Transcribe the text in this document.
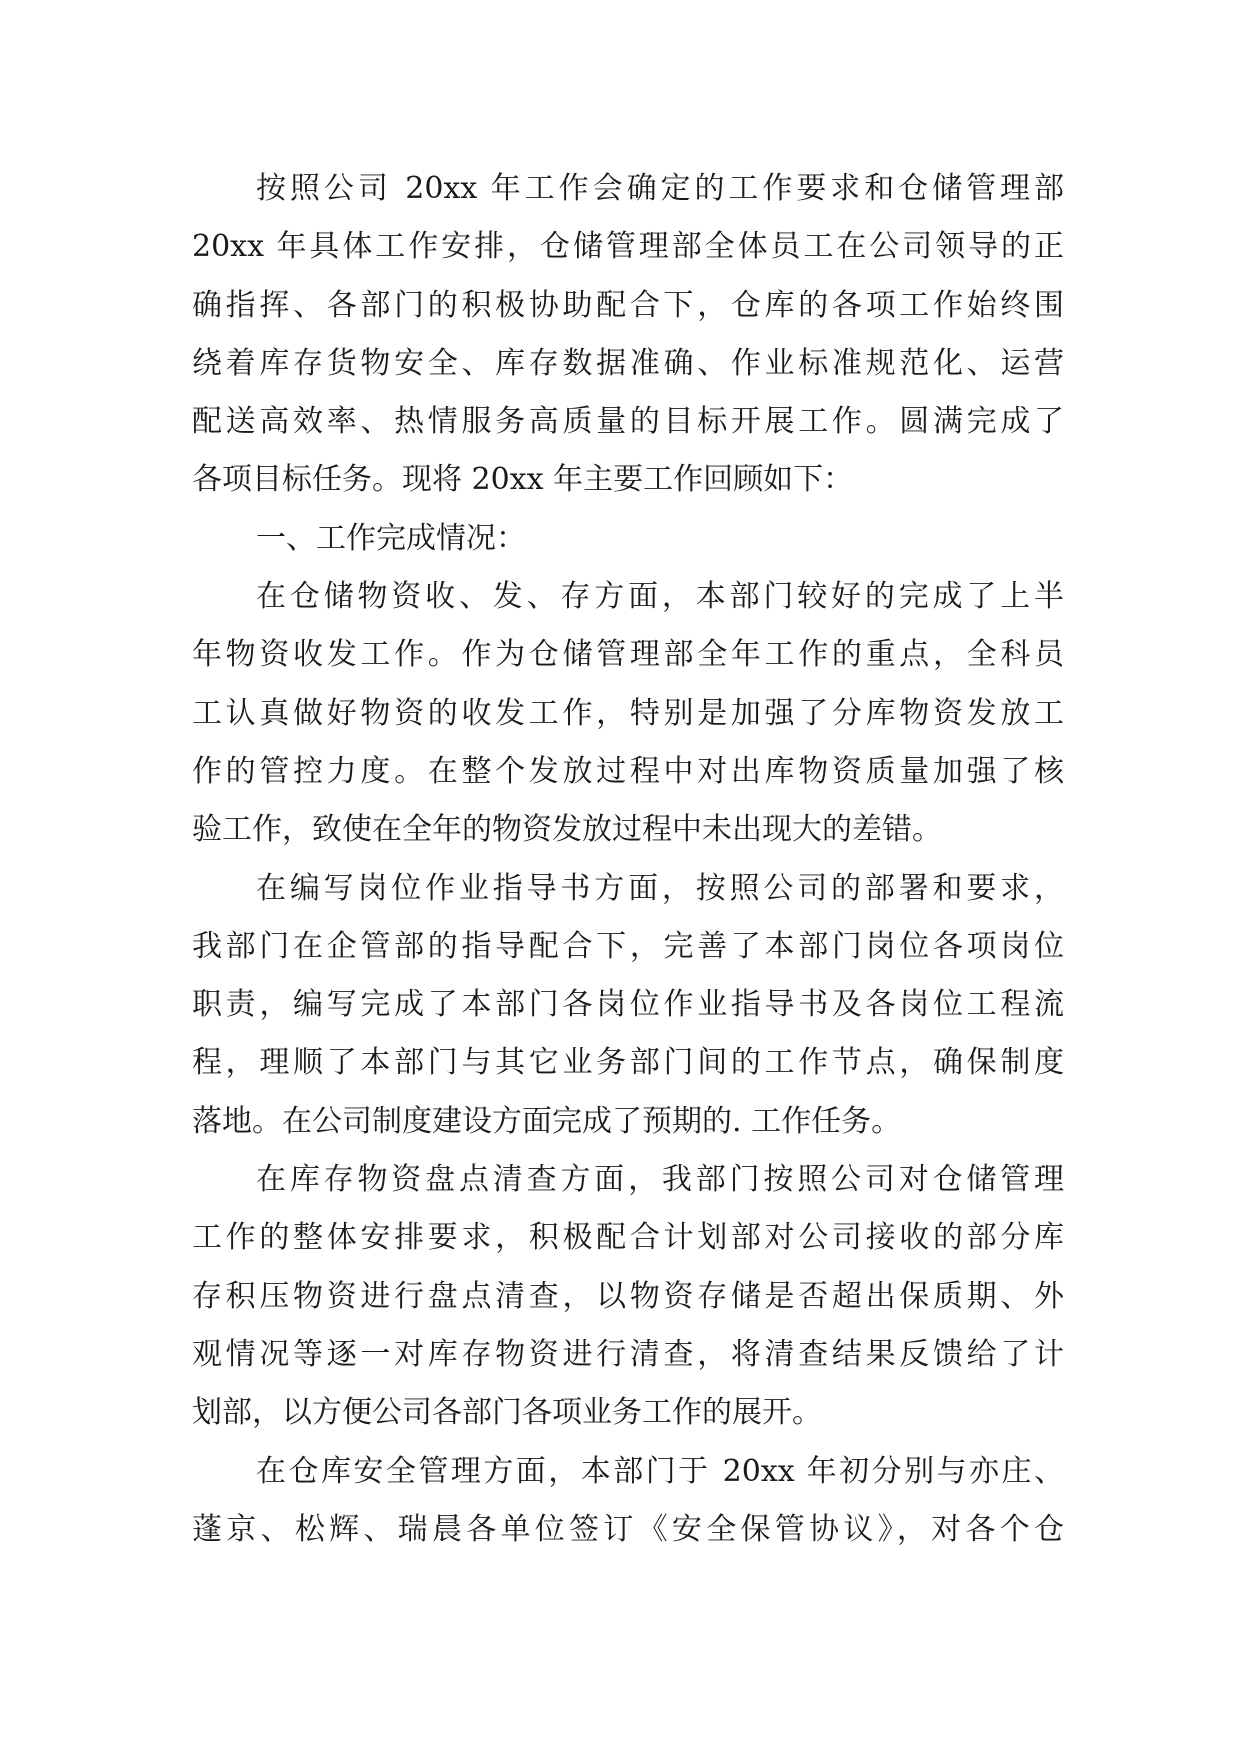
按照公司 20xx 年工作会确定的工作要求和仓储管理部
20xx 年具体工作安排，仓储管理部全体员工在公司领导的正
确指挥、各部门的积极协助配合下，仓库的各项工作始终围
绕着库存货物安全、库存数据准确、作业标准规范化、运营
配送高效率、热情服务高质量的目标开展工作。圆满完成了
各项目标任务。现将 20xx 年主要工作回顾如下：
一、工作完成情况：
在仓储物资收、发、存方面，本部门较好的完成了上半
年物资收发工作。作为仓储管理部全年工作的重点，全科员
工认真做好物资的收发工作，特别是加强了分库物资发放工
作的管控力度。在整个发放过程中对出库物资质量加强了核
验工作，致使在全年的物资发放过程中未出现大的差错。
在编写岗位作业指导书方面，按照公司的部署和要求，
我部门在企管部的指导配合下，完善了本部门岗位各项岗位
职责，编写完成了本部门各岗位作业指导书及各岗位工程流
程，理顺了本部门与其它业务部门间的工作节点，确保制度
落地。在公司制度建设方面完成了预期的. 工作任务。
在库存物资盘点清查方面，我部门按照公司对仓储管理
工作的整体安排要求，积极配合计划部对公司接收的部分库
存积压物资进行盘点清查，以物资存储是否超出保质期、外
观情况等逐一对库存物资进行清查，将清查结果反馈给了计
划部，以方便公司各部门各项业务工作的展开。
在仓库安全管理方面，本部门于 20xx 年初分别与亦庄、
蓬京、松辉、瑞晨各单位签订《安全保管协议》，对各个仓
